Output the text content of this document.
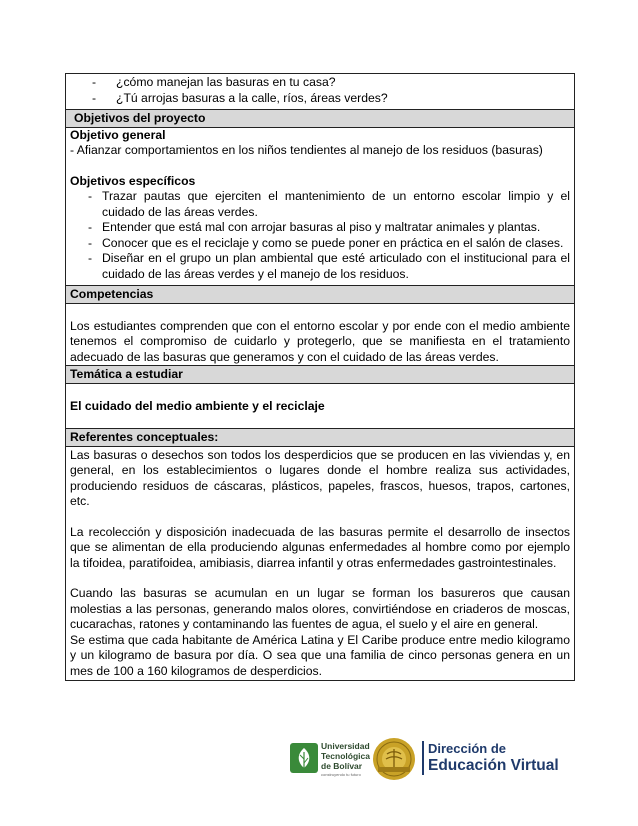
- ¿cómo manejan las basuras en tu casa?
- ¿Tú arrojas basuras a la calle, ríos, áreas verdes?

Objetivos del proyecto

Objetivo general
- Afianzar comportamientos en los niños tendientes al manejo de los residuos (basuras)
Objetivos específicos
- Trazar pautas que ejerciten el mantenimiento de un entorno escolar limpio y el cuidado de las áreas verdes.
- Entender que está mal con arrojar basuras al piso y maltratar animales y plantas.
- Conocer que es el reciclaje y como se puede poner en práctica en el salón de clases.
- Diseñar en el grupo un plan ambiental que esté articulado con el institucional para el cuidado de las áreas verdes y el manejo de los residuos.

Competencias

Los estudiantes comprenden que con el entorno escolar y por ende con el medio ambiente tenemos el compromiso de cuidarlo y protegerlo, que se manifiesta en el tratamiento adecuado de las basuras que generamos y con el cuidado de las áreas verdes.

Temática a estudiar

El cuidado del medio ambiente y el reciclaje

Referentes conceptuales:

Las basuras o desechos son todos los desperdicios que se producen en las viviendas y, en general, en los establecimientos o lugares donde el hombre realiza sus actividades, produciendo residuos de cáscaras, plásticos, papeles, frascos, huesos, trapos, cartones, etc.

La recolección y disposición inadecuada de las basuras permite el desarrollo de insectos que se alimentan de ella produciendo algunas enfermedades al hombre como por ejemplo la tifoidea, paratifoidea, amibiasis, diarrea infantil y otras enfermedades gastrointestinales.

Cuando las basuras se acumulan en un lugar se forman los basureros que causan molestias a las personas, generando malos olores, convirtiéndose en criaderos de moscas, cucarachas, ratones y contaminando las fuentes de agua, el suelo y el aire en general.

Se estima que cada habitante de América Latina y El Caribe produce entre medio kilogramo y un kilogramo de basura por día. O sea que una familia de cinco personas genera en un mes de 100 a 160 kilogramos de desperdicios.

Universidad
Tecnológica
de Bolívar
construyendo tu futuro
Dirección de
Educación Virtual
